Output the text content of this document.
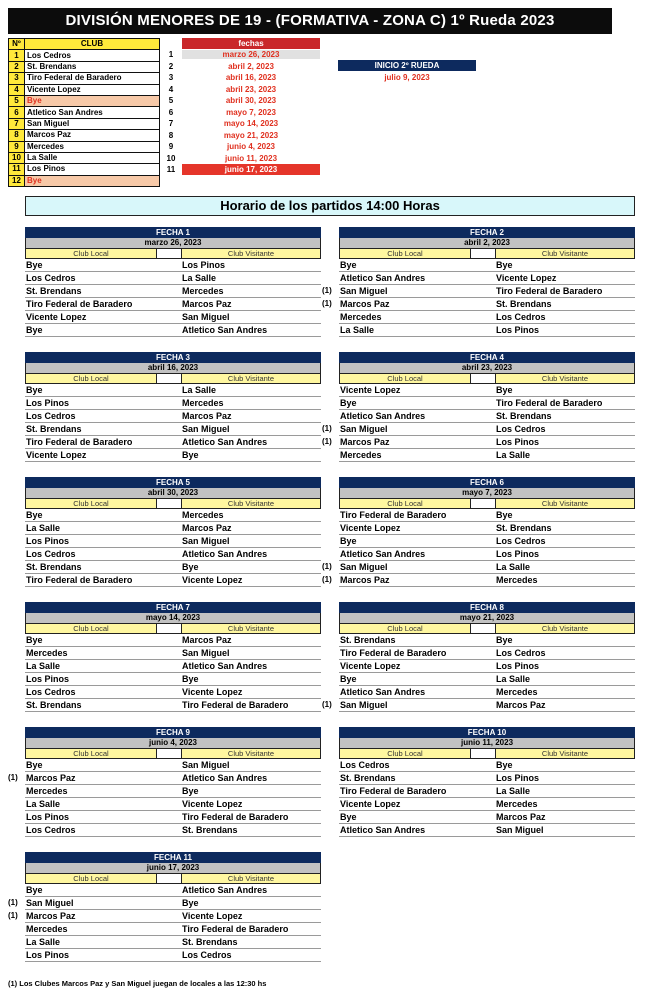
DIVISIÓN MENORES DE 19 - (FORMATIVA - ZONA C) 1º Rueda 2023
Nº	CLUB
1	Los Cedros
2	St. Brendans
3	Tiro Federal de Baradero
4	Vicente Lopez
5	Bye
6	Atletico San Andres
7	San Miguel
8	Marcos Paz
9	Mercedes
10	La Salle
11	Los Pinos
12	Bye
fechas
1	marzo 26, 2023
2	abril 2, 2023
3	abril 16, 2023
4	abril 23, 2023
5	abril 30, 2023
6	mayo 7, 2023
7	mayo 14, 2023
8	mayo 21, 2023
9	junio 4, 2023
10	junio 11, 2023
11	junio 17, 2023
INICIO 2º RUEDA
julio 9, 2023
Horario de los partidos 14:00 Horas
FECHA 1
marzo 26, 2023
Club Local	Club Visitante
Bye	Los Pinos
Los Cedros	La Salle
St. Brendans	Mercedes
Tiro Federal de Baradero	Marcos Paz
Vicente Lopez	San Miguel
Bye	Atletico San Andres
FECHA 2
abril 2, 2023
Club Local	Club Visitante
Bye	Bye
Atletico San Andres	Vicente Lopez
(1) San Miguel	Tiro Federal de Baradero
(1) Marcos Paz	St. Brendans
Mercedes	Los Cedros
La Salle	Los Pinos
FECHA 3
abril 16, 2023
Club Local	Club Visitante
Bye	La Salle
Los Pinos	Mercedes
Los Cedros	Marcos Paz
St. Brendans	San Miguel
Tiro Federal de Baradero	Atletico San Andres
Vicente Lopez	Bye
FECHA 4
abril 23, 2023
Club Local	Club Visitante
Vicente Lopez	Bye
Bye	Tiro Federal de Baradero
Atletico San Andres	St. Brendans
(1) San Miguel	Los Cedros
(1) Marcos Paz	Los Pinos
Mercedes	La Salle
FECHA 5
abril 30, 2023
Club Local	Club Visitante
Bye	Mercedes
La Salle	Marcos Paz
Los Pinos	San Miguel
Los Cedros	Atletico San Andres
St. Brendans	Bye
Tiro Federal de Baradero	Vicente Lopez
FECHA 6
mayo 7, 2023
Club Local	Club Visitante
Tiro Federal de Baradero	Bye
Vicente Lopez	St. Brendans
Bye	Los Cedros
Atletico San Andres	Los Pinos
(1) San Miguel	La Salle
(1) Marcos Paz	Mercedes
FECHA 7
mayo 14, 2023
Club Local	Club Visitante
Bye	Marcos Paz
Mercedes	San Miguel
La Salle	Atletico San Andres
Los Pinos	Bye
Los Cedros	Vicente Lopez
St. Brendans	Tiro Federal de Baradero
FECHA 8
mayo 21, 2023
Club Local	Club Visitante
St. Brendans	Bye
Tiro Federal de Baradero	Los Cedros
Vicente Lopez	Los Pinos
Bye	La Salle
Atletico San Andres	Mercedes
(1) San Miguel	Marcos Paz
FECHA 9
junio 4, 2023
Club Local	Club Visitante
Bye	San Miguel
(1) Marcos Paz	Atletico San Andres
Mercedes	Bye
La Salle	Vicente Lopez
Los Pinos	Tiro Federal de Baradero
Los Cedros	St. Brendans
FECHA 10
junio 11, 2023
Club Local	Club Visitante
Los Cedros	Bye
St. Brendans	Los Pinos
Tiro Federal de Baradero	La Salle
Vicente Lopez	Mercedes
Bye	Marcos Paz
Atletico San Andres	San Miguel
FECHA 11
junio 17, 2023
Club Local	Club Visitante
Bye	Atletico San Andres
(1) San Miguel	Bye
(1) Marcos Paz	Vicente Lopez
Mercedes	Tiro Federal de Baradero
La Salle	St. Brendans
Los Pinos	Los Cedros
(1) Los Clubes Marcos Paz y San Miguel juegan de locales a las 12:30 hs
